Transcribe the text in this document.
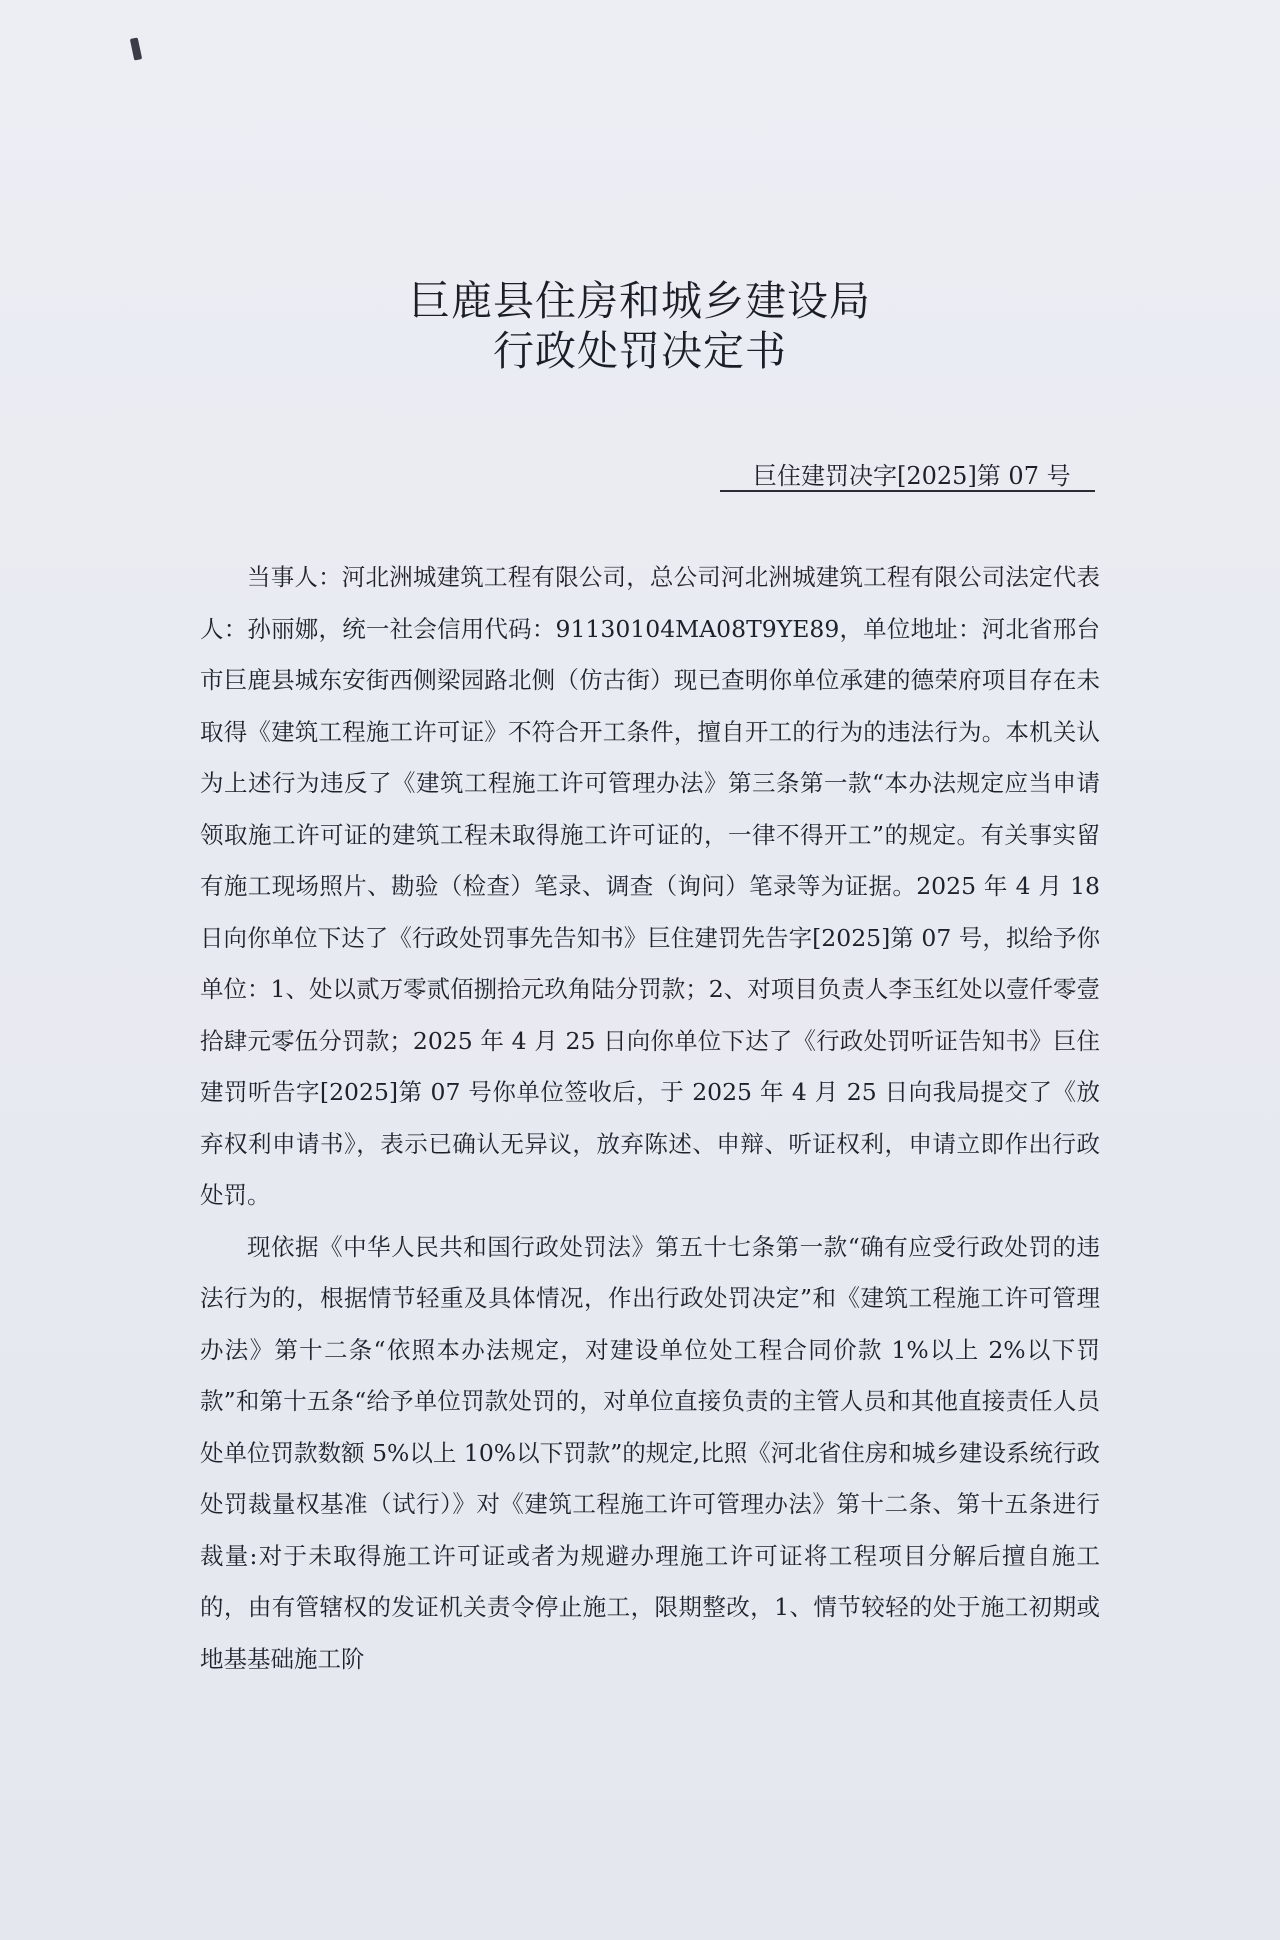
巨鹿县住房和城乡建设局
行政处罚决定书
巨住建罚决字[2025]第 07 号

当事人：河北洲城建筑工程有限公司，总公司河北洲城建筑工程有限公司法定代表人：孙丽娜，统一社会信用代码：91130104MA08T9YE89，单位地址：河北省邢台市巨鹿县城东安街西侧梁园路北侧（仿古街）现已查明你单位承建的德荣府项目存在未取得《建筑工程施工许可证》不符合开工条件，擅自开工的行为的违法行为。本机关认为上述行为违反了《建筑工程施工许可管理办法》第三条第一款“本办法规定应当申请领取施工许可证的建筑工程未取得施工许可证的，一律不得开工”的规定。有关事实留有施工现场照片、勘验（检查）笔录、调查（询问）笔录等为证据。2025 年 4 月 18 日向你单位下达了《行政处罚事先告知书》巨住建罚先告字[2025]第 07 号，拟给予你单位：1、处以贰万零贰佰捌拾元玖角陆分罚款；2、对项目负责人李玉红处以壹仟零壹拾肆元零伍分罚款；2025 年 4 月 25 日向你单位下达了《行政处罚听证告知书》巨住建罚听告字[2025]第 07 号你单位签收后，于 2025 年 4 月 25 日向我局提交了《放弃权利申请书》，表示已确认无异议，放弃陈述、申辩、听证权利，申请立即作出行政处罚。

现依据《中华人民共和国行政处罚法》第五十七条第一款“确有应受行政处罚的违法行为的，根据情节轻重及具体情况，作出行政处罚决定”和《建筑工程施工许可管理办法》第十二条“依照本办法规定，对建设单位处工程合同价款 1%以上 2%以下罚款”和第十五条“给予单位罚款处罚的，对单位直接负责的主管人员和其他直接责任人员处单位罚款数额 5%以上 10%以下罚款”的规定,比照《河北省住房和城乡建设系统行政处罚裁量权基准（试行）》对《建筑工程施工许可管理办法》第十二条、第十五条进行裁量:对于未取得施工许可证或者为规避办理施工许可证将工程项目分解后擅自施工的，由有管辖权的发证机关责令停止施工，限期整改，1、情节较轻的处于施工初期或地基基础施工阶
